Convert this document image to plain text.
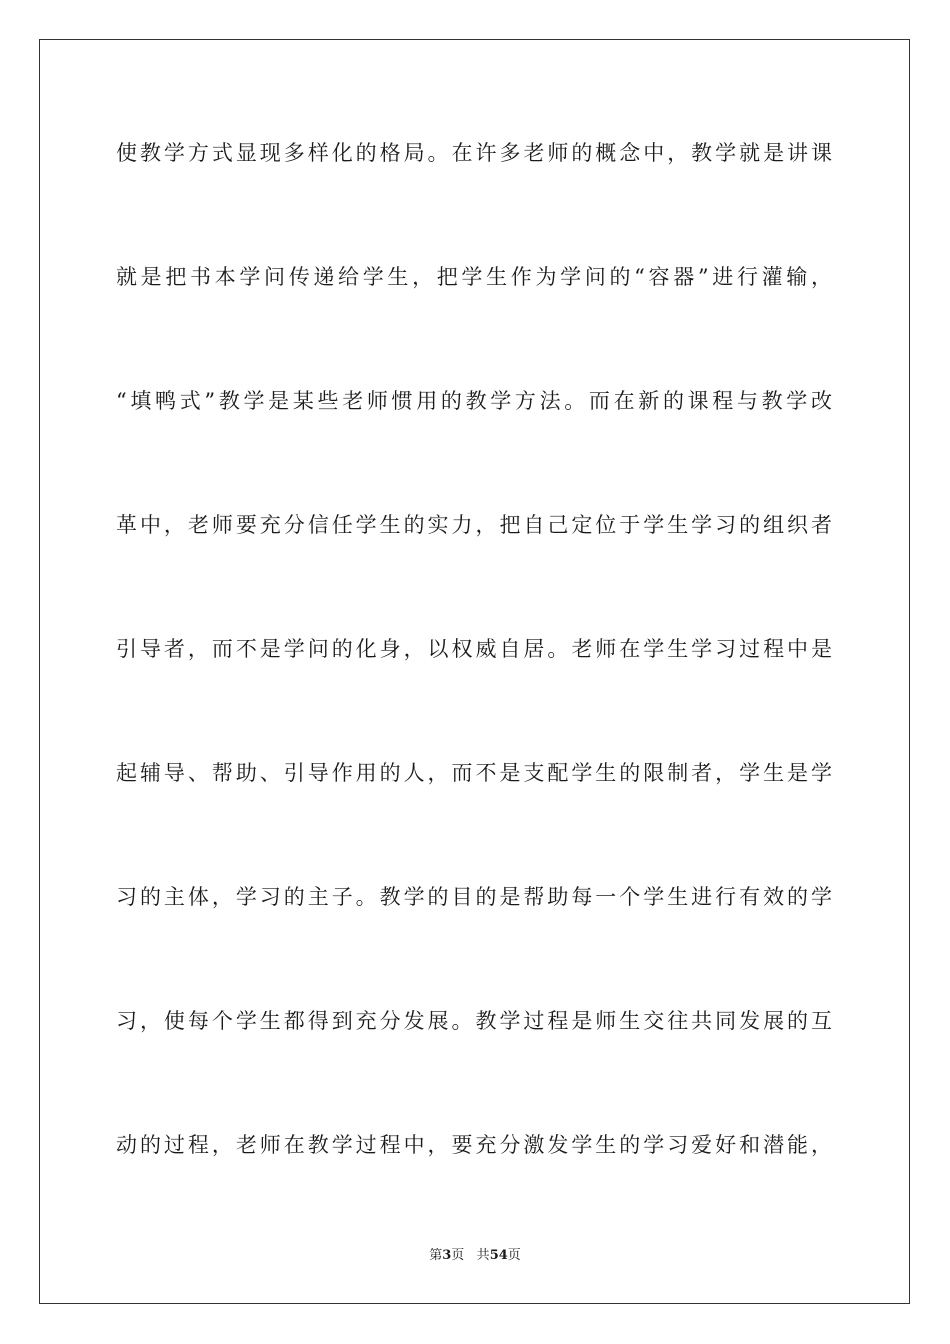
使教学方式显现多样化的格局。在许多老师的概念中，教学就是讲课
就是把书本学问传递给学生，把学生作为学问的“容器”进行灌输，
“填鸭式”教学是某些老师惯用的教学方法。而在新的课程与教学改
革中，老师要充分信任学生的实力，把自己定位于学生学习的组织者
引导者，而不是学问的化身，以权威自居。老师在学生学习过程中是
起辅导、帮助、引导作用的人，而不是支配学生的限制者，学生是学
习的主体，学习的主子。教学的目的是帮助每一个学生进行有效的学
习，使每个学生都得到充分发展。教学过程是师生交往共同发展的互
动的过程，老师在教学过程中，要充分激发学生的学习爱好和潜能，
第3页 共54页
